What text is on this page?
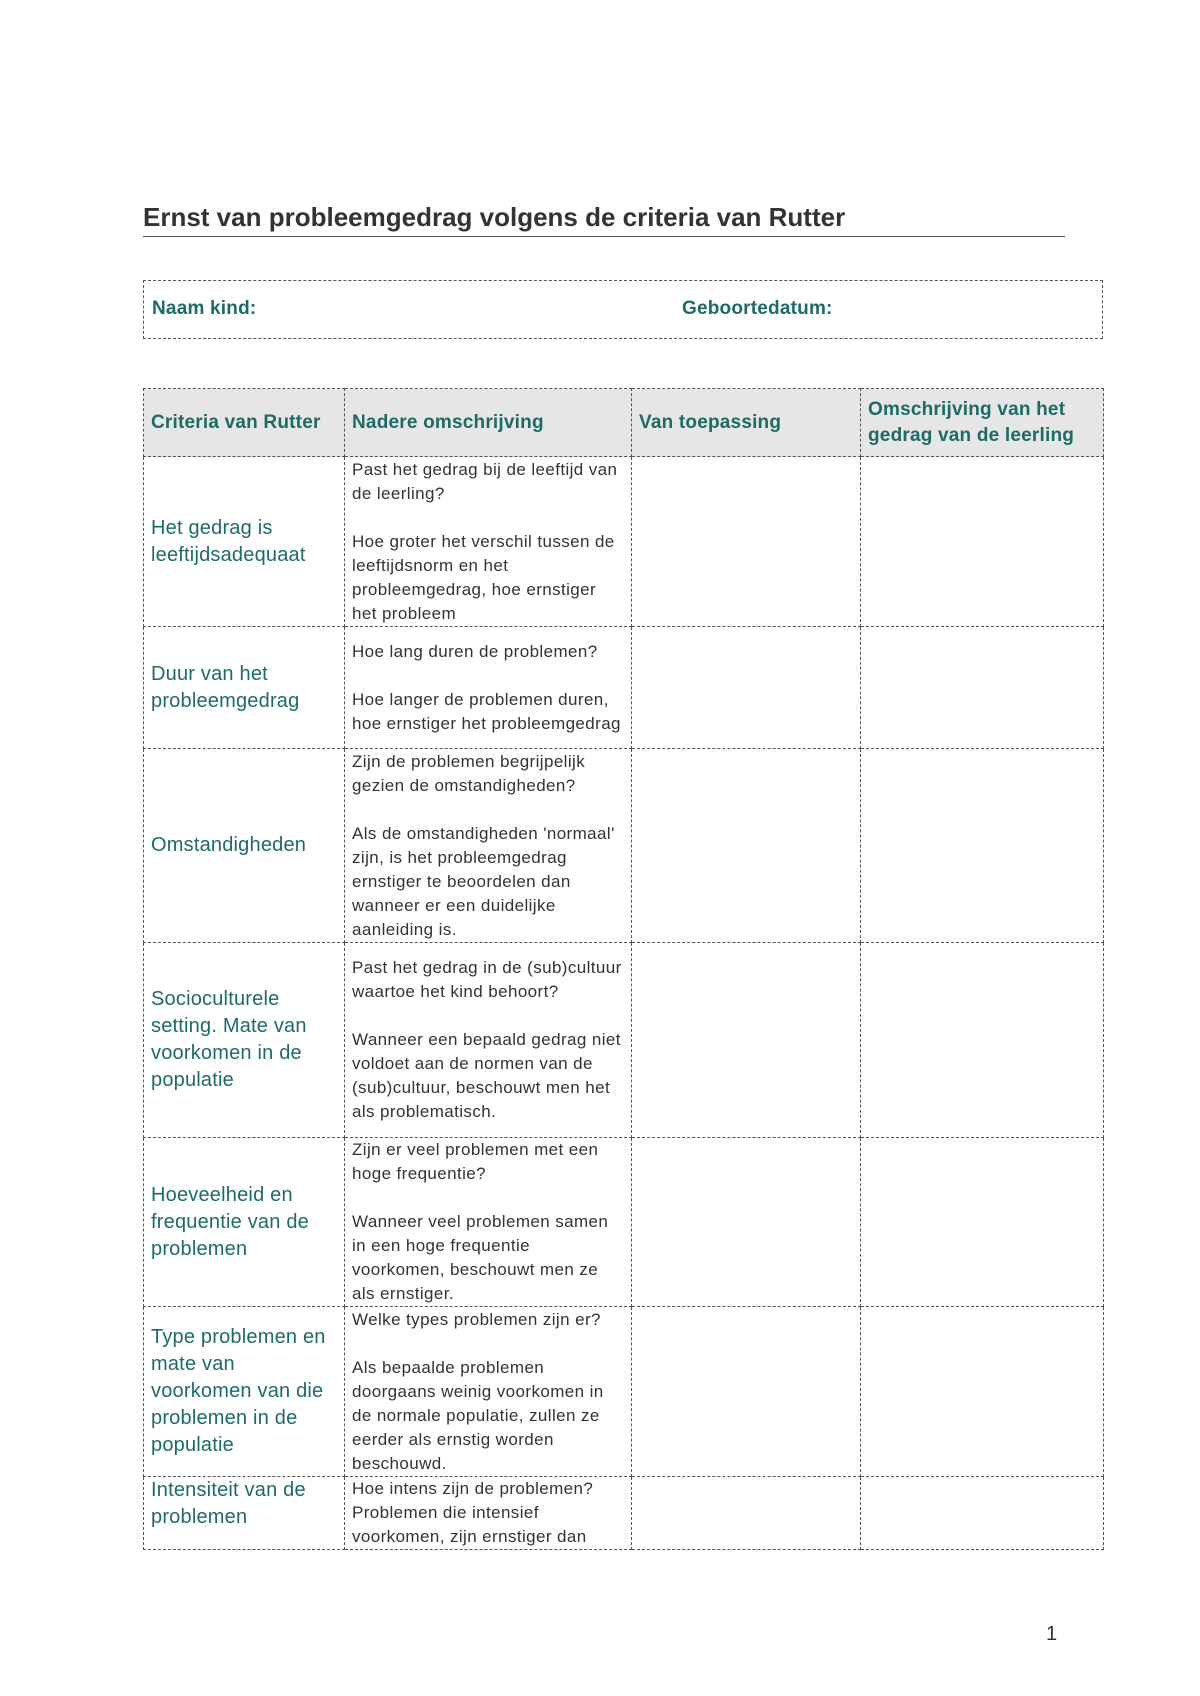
Ernst van probleemgedrag volgens de criteria van Rutter
Naam kind:	Geboortedatum:
Criteria van Rutter	Nadere omschrijving	Van toepassing	Omschrijving van het gedrag van de leerling
Het gedrag is leeftijdsadequaat	Past het gedrag bij de leeftijd van de leerling?

Hoe groter het verschil tussen de leeftijdsnorm en het probleemgedrag, hoe ernstiger het probleem		

Duur van het probleemgedrag	Hoe lang duren de problemen?

Hoe langer de problemen duren, hoe ernstiger het probleemgedrag		

Omstandigheden	Zijn de problemen begrijpelijk gezien de omstandigheden?

Als de omstandigheden 'normaal' zijn, is het probleemgedrag ernstiger te beoordelen dan wanneer er een duidelijke aanleiding is.		

Socioculturele setting. Mate van voorkomen in de populatie	Past het gedrag in de (sub)cultuur waartoe het kind behoort?

Wanneer een bepaald gedrag niet voldoet aan de normen van de (sub)cultuur, beschouwt men het als problematisch.		

Hoeveelheid en frequentie van de problemen	Zijn er veel problemen met een hoge frequentie?

Wanneer veel problemen samen in een hoge frequentie voorkomen, beschouwt men ze als ernstiger.		

Type problemen en mate van voorkomen van die problemen in de populatie	Welke types problemen zijn er?

Als bepaalde problemen doorgaans weinig voorkomen in de normale populatie, zullen ze eerder als ernstig worden beschouwd.		

Intensiteit van de problemen	Hoe intens zijn de problemen?

Problemen die intensief voorkomen, zijn ernstiger dan		

1
